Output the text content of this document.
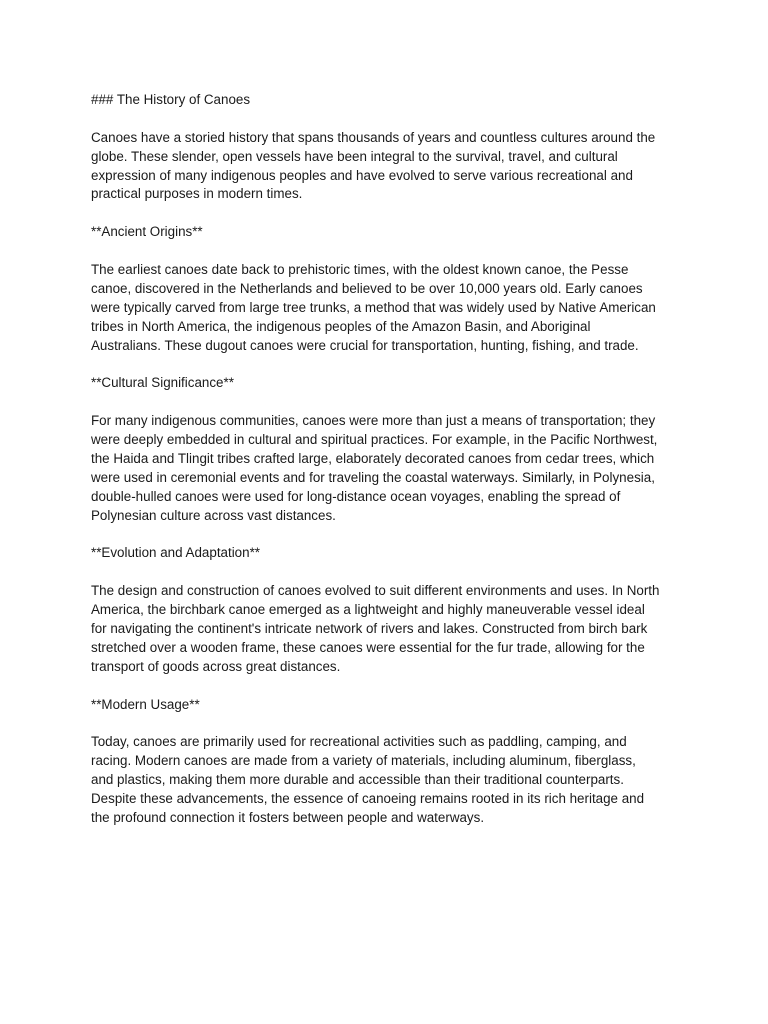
### The History of Canoes
Canoes have a storied history that spans thousands of years and countless cultures around the
globe. These slender, open vessels have been integral to the survival, travel, and cultural
expression of many indigenous peoples and have evolved to serve various recreational and
practical purposes in modern times.
**Ancient Origins**
The earliest canoes date back to prehistoric times, with the oldest known canoe, the Pesse
canoe, discovered in the Netherlands and believed to be over 10,000 years old. Early canoes
were typically carved from large tree trunks, a method that was widely used by Native American
tribes in North America, the indigenous peoples of the Amazon Basin, and Aboriginal
Australians. These dugout canoes were crucial for transportation, hunting, fishing, and trade.
**Cultural Significance**
For many indigenous communities, canoes were more than just a means of transportation; they
were deeply embedded in cultural and spiritual practices. For example, in the Pacific Northwest,
the Haida and Tlingit tribes crafted large, elaborately decorated canoes from cedar trees, which
were used in ceremonial events and for traveling the coastal waterways. Similarly, in Polynesia,
double-hulled canoes were used for long-distance ocean voyages, enabling the spread of
Polynesian culture across vast distances.
**Evolution and Adaptation**
The design and construction of canoes evolved to suit different environments and uses. In North
America, the birchbark canoe emerged as a lightweight and highly maneuverable vessel ideal
for navigating the continent's intricate network of rivers and lakes. Constructed from birch bark
stretched over a wooden frame, these canoes were essential for the fur trade, allowing for the
transport of goods across great distances.
**Modern Usage**
Today, canoes are primarily used for recreational activities such as paddling, camping, and
racing. Modern canoes are made from a variety of materials, including aluminum, fiberglass,
and plastics, making them more durable and accessible than their traditional counterparts.
Despite these advancements, the essence of canoeing remains rooted in its rich heritage and
the profound connection it fosters between people and waterways.
